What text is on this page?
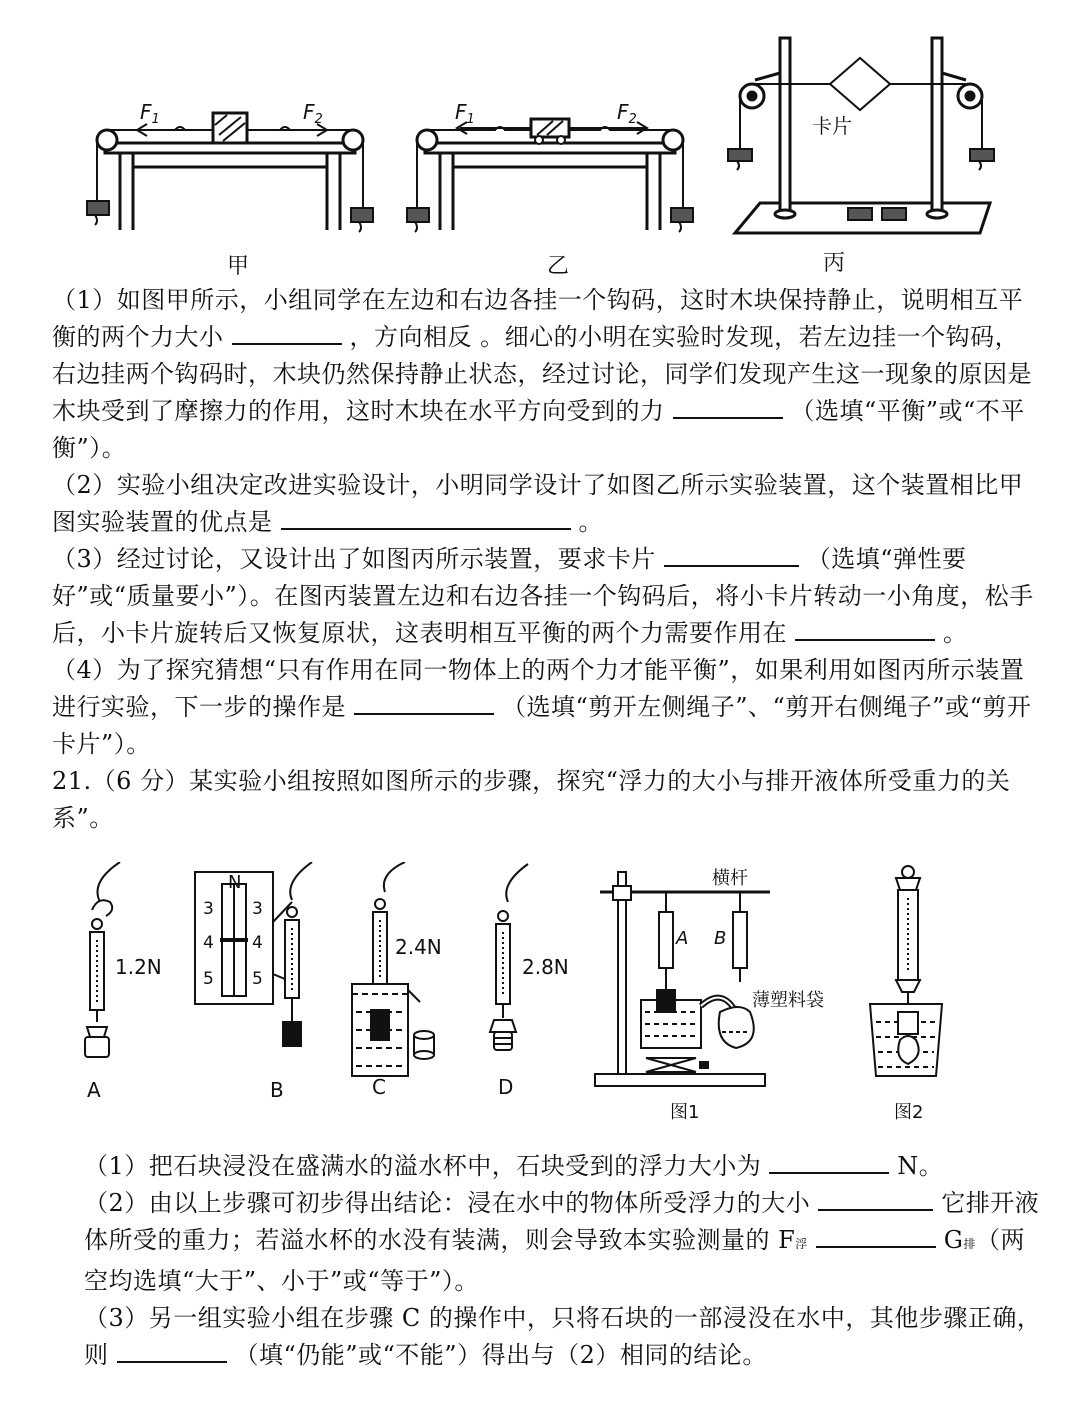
$F_1$	$F_2$
甲
$F_1$	$F_2$
乙
卡片
丙

（1）如图甲所示，小组同学在左边和右边各挂一个钩码，这时木块保持静止，说明相互平衡的两个力大小	，方向相反 。细心的小明在实验时发现，若左边挂一个钩码，右边挂两个钩码时，木块仍然保持静止状态，经过讨论，同学们发现产生这一现象的原因是木块受到了摩擦力的作用，这时木块在水平方向受到的力	（选填“平衡”或“不平衡”）。

（2）实验小组决定改进实验设计，小明同学设计了如图乙所示实验装置，这个装置相比甲图实验装置的优点是	。

（3）经过讨论，又设计出了如图丙所示装置，要求卡片	（选填“弹性要好”或“质量要小”）。在图丙装置左边和右边各挂一个钩码后，将小卡片转动一小角度，松手后，小卡片旋转后又恢复原状，这表明相互平衡的两个力需要作用在	。

（4）为了探究猜想“只有作用在同一物体上的两个力才能平衡”，如果利用如图丙所示装置进行实验，下一步的操作是	（选填“剪开左侧绳子”、“剪开右侧绳子”或“剪开卡片”）。

21.（6 分）某实验小组按照如图所示的步骤，探究“浮力的大小与排开液体所受重力的关系”。

1.2N
A
N
3
4
5
3
4
5
B
2.4N
C
2.8N
D
横杆
A B
薄塑料袋
图1	图2

（1）把石块浸没在盛满水的溢水杯中，石块受到的浮力大小为	N。

（2）由以上步骤可初步得出结论：浸在水中的物体所受浮力的大小	它排开液体所受的重力；若溢水杯的水没有装满，则会导致本实验测量的 F浮	G排（两空均选填“大于”、小于”或“等于”）。

（3）另一组实验小组在步骤 C 的操作中，只将石块的一部浸没在水中，其他步骤正确，则	（填“仍能”或“不能”）得出与（2）相同的结论。
